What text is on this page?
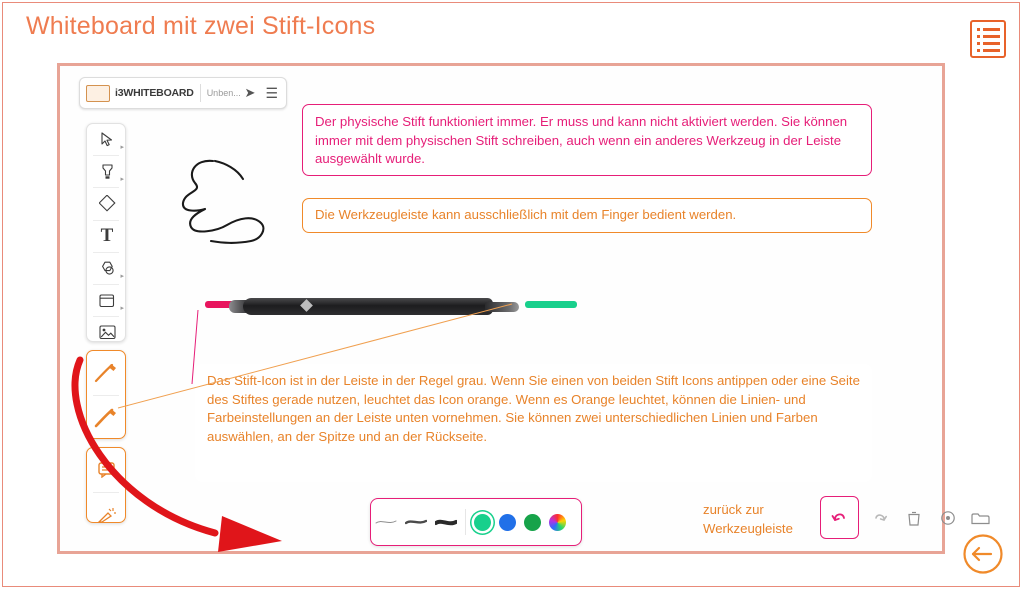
Whiteboard mit zwei Stift-Icons
i3WHITEBOARD Unben... ➤ ☰
▸
▸
T
▸
▸
Der physische Stift funktioniert immer. Er muss und kann nicht aktiviert werden. Sie können immer mit dem physischen Stift schreiben, auch wenn ein anderes Werkzeug in der Leiste ausgewählt wurde.
Die Werkzeugleiste kann ausschließlich mit dem Finger bedient werden.
Das Stift-Icon ist in der Leiste in der Regel grau. Wenn Sie einen von beiden Stift Icons antippen oder eine Seite des Stiftes gerade nutzen, leuchtet das Icon orange. Wenn es Orange leuchtet, können die Linien- und Farbeinstellungen an der Leiste unten vornehmen. Sie können zwei unterschiedlichen Linien und Farben auswählen, an der Spitze und an der Rückseite.
zurück zur Werkzeugleiste
